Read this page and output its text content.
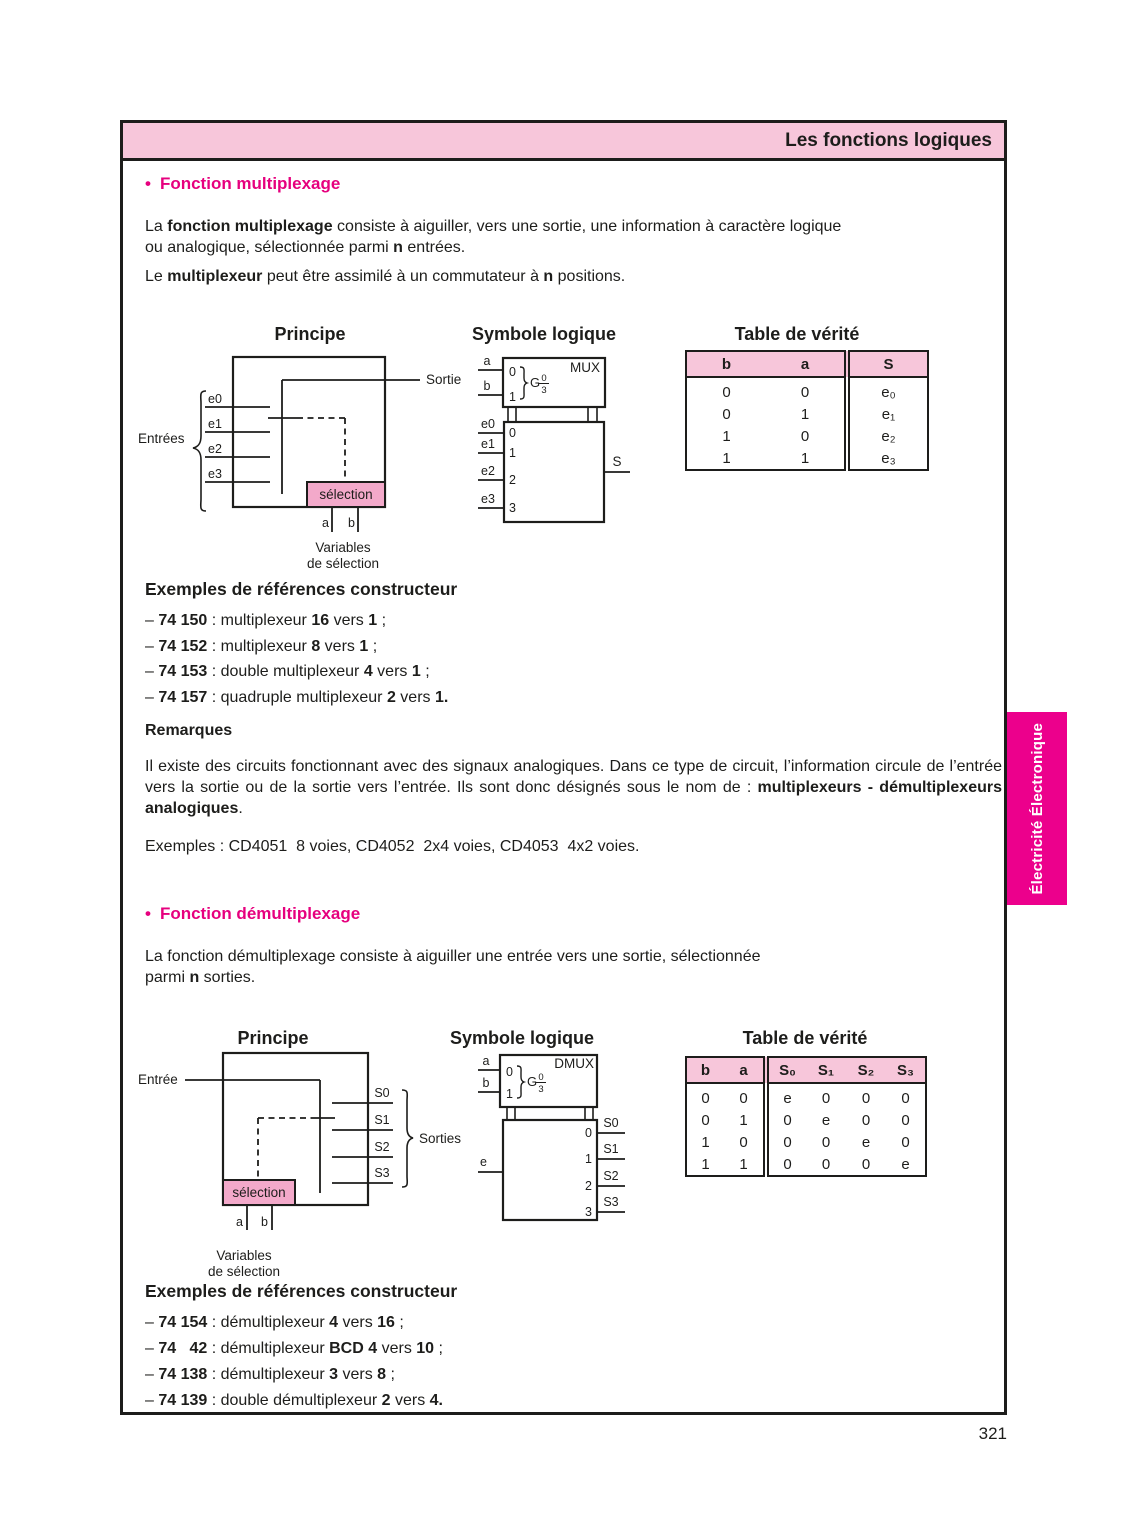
Les fonctions logiques
• Fonction multiplexage

La fonction multiplexage consiste à aiguiller, vers une sortie, une information à caractère logique
ou analogique, sélectionnée parmi n entrées.

Le multiplexeur peut être assimilé à un commutateur à n positions.

Principe	Symbole logique	Table de vérité
sélection
Sortie
Entrées
e0
e1
e2
e3
a b
Variables
de sélection
a
b
0
1
G 0
3
MUX
e0
e1
e2
e3
0
1
2
3
S
b	a	S
0	0	e₀
0	1	e₁
1	0	e₂
1	1	e₃
Exemples de références constructeur
– 74 150 : multiplexeur 16 vers 1 ;
– 74 152 : multiplexeur 8 vers 1 ;
– 74 153 : double multiplexeur 4 vers 1 ;
– 74 157 : quadruple multiplexeur 2 vers 1.
Remarques

Il existe des circuits fonctionnant avec des signaux analogiques. Dans ce type de circuit, l’information circule de l’entrée vers la sortie ou de la sortie vers l’entrée. Ils sont donc désignés sous le nom de : multiplexeurs - démultiplexeurs analogiques.

Exemples : CD4051  8 voies, CD4052  2x4 voies, CD4053  4x2 voies.

• Fonction démultiplexage

La fonction démultiplexage consiste à aiguiller une entrée vers une sortie, sélectionnée
parmi n sorties.

Principe	Symbole logique	Table de vérité
sélection
Entrée
Sorties
S0
S1
S2
S3
a b
Variables
de sélection
a
b
0
1
G 0
3
DMUX
e
0
1
2
3
S0
S1
S2
S3
b	a	S₀	S₁	S₂	S₃
0	0	e	0	0	0
0	1	0	e	0	0
1	0	0	0	e	0
1	1	0	0	0	e
Exemples de références constructeur
– 74 154 : démultiplexeur 4 vers 16 ;
– 74   42 : démultiplexeur BCD 4 vers 10 ;
– 74 138 : démultiplexeur 3 vers 8 ;
– 74 139 : double démultiplexeur 2 vers 4.
Électricité Électronique
321
